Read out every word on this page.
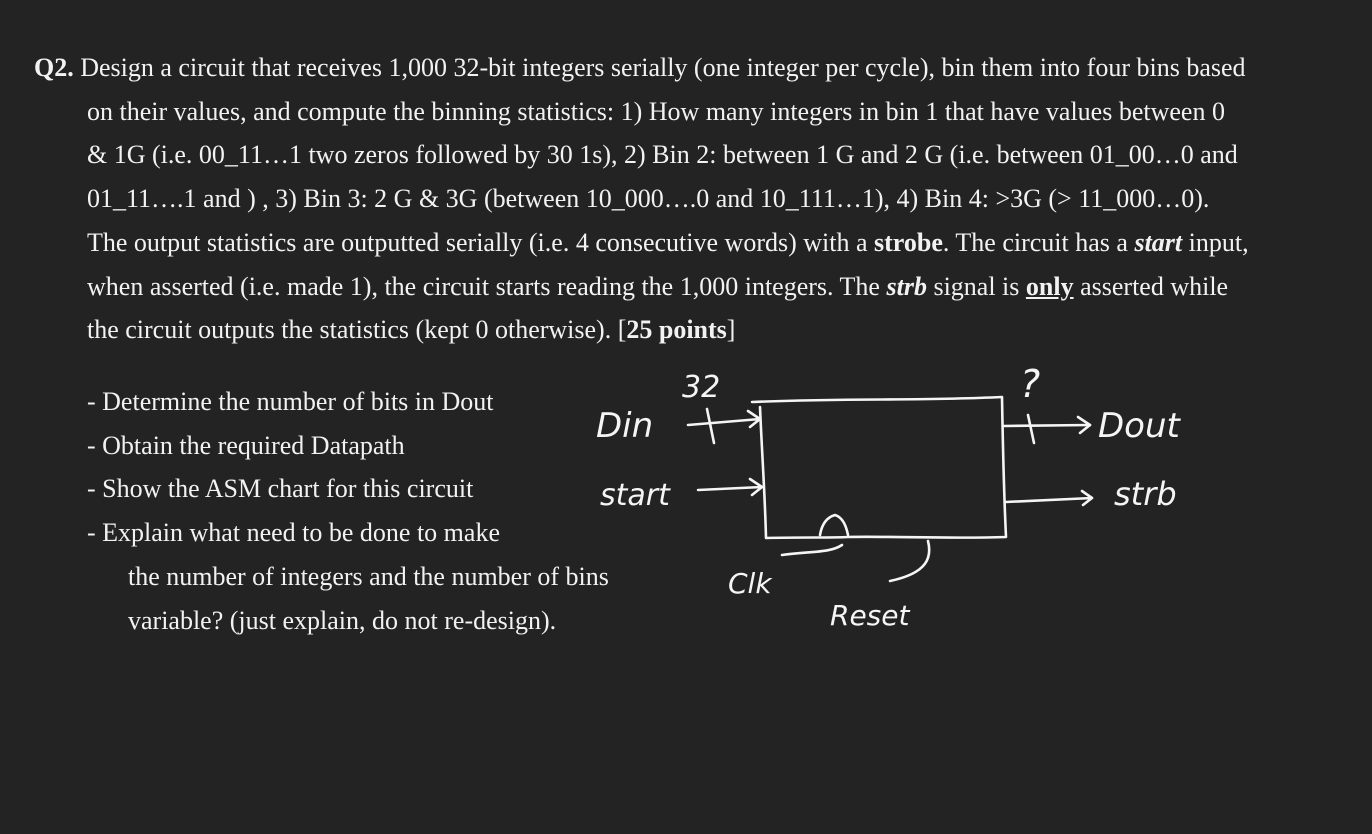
Q2. Design a circuit that receives 1,000 32-bit integers serially (one integer per cycle), bin them into four bins based
on their values, and compute the binning statistics: 1) How many integers in bin 1 that have values between 0
& 1G (i.e. 00_11…1 two zeros followed by 30 1s), 2) Bin 2: between 1 G and 2 G (i.e. between 01_00…0 and
01_11….1 and ) , 3) Bin 3: 2 G & 3G (between 10_000….0 and 10_111…1), 4) Bin 4: >3G (> 11_000…0).
The output statistics are outputted serially (i.e. 4 consecutive words) with a strobe. The circuit has a start input,
when asserted (i.e. made 1), the circuit starts reading the 1,000 integers. The strb signal is only asserted while
the circuit outputs the statistics (kept 0 otherwise). [25 points]
- Determine the number of bits in Dout
- Obtain the required Datapath
- Show the ASM chart for this circuit
- Explain what need to be done to make
the number of integers and the number of bins
variable? (just explain, do not re-design).
Din
32
start
Clk
Reset
?
Dout
strb
